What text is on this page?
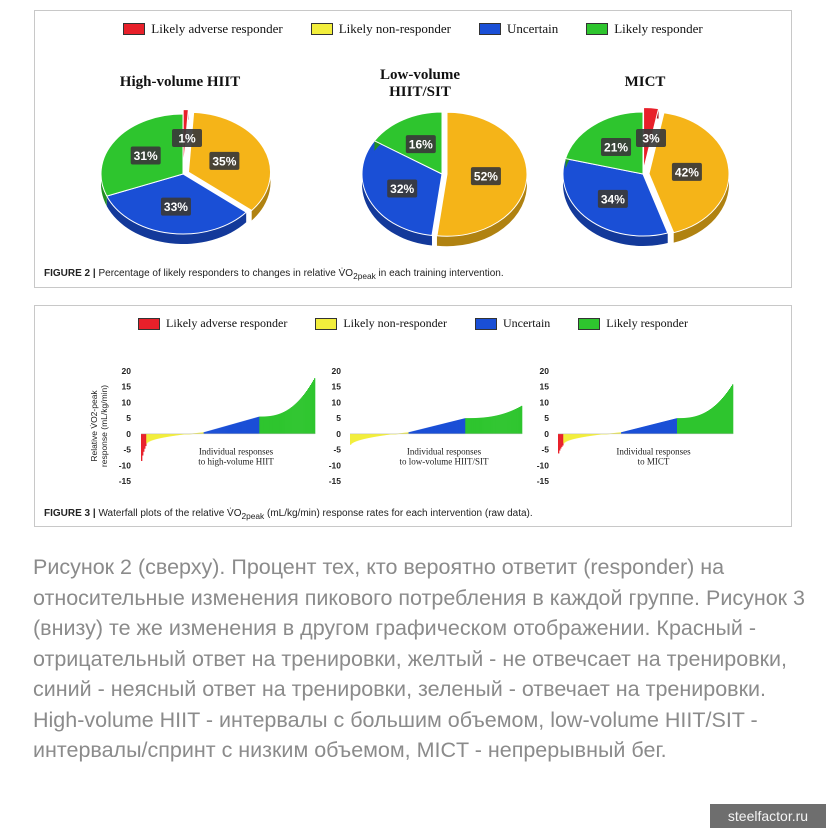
Likely adverse responder	Likely non-responder	Uncertain	Likely responder
High-volume HIIT	Low-volume
HIIT/SIT
MICT
1%
35%
33%
31%
52%
32%
16%	3%
42%
34%
21%
FIGURE 2 | Percentage of likely responders to changes in relative $V̇O_{2peak}$ in each training intervention.
Likely adverse responder	Likely non-responder	Uncertain	Likely responder
Relative V̇O2-peak response (mL/kg/min)
20
15
10
5
0
-5
-10
-15
Individual responses
to high-volume HIIT
20
15
10
5
0
-5
-10
-15
Individual responses
to low-volume HIIT/SIT
20
15
10
5
0
-5
-10
-15
Individual responses
to MICT
FIGURE 3 | Waterfall plots of the relative $V̇O_{2peak}$ (mL/kg/min) response rates for each intervention (raw data).
Рисунок 2 (сверху). Процент тех, кто вероятно ответит (responder) на относительные изменения пикового потребления в каждой группе. Рисунок 3 (внизу) те же изменения в другом графическом отображении. Красный - отрицательный ответ на тренировки, желтый - не отвечсает на тренировки, синий - неясный ответ на тренировки, зеленый - отвечает на тренировки. High-volume HIIT - интервалы с большим объемом, low-volume HIIT/SIT - интервалы/спринт с низким объемом, MICT - непрерывный бег.
steelfactor.ru
